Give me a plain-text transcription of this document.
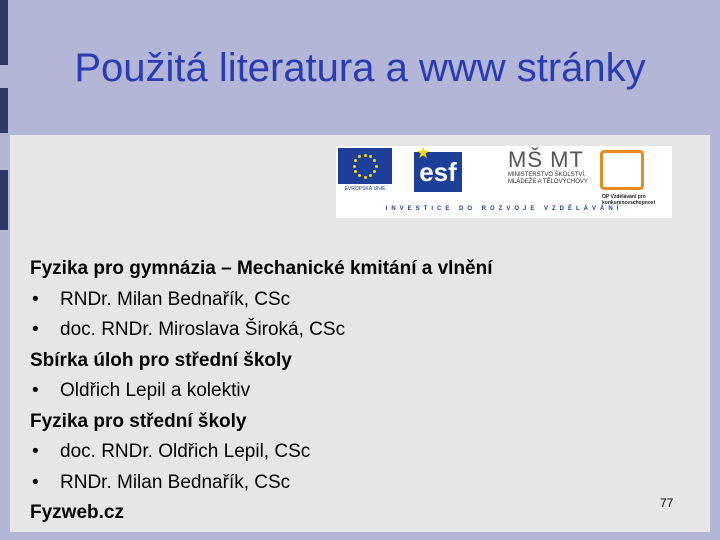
Použitá literatura a www stránky
EVROPSKÁ UNIE
esf
★	MŠ MT
MINISTERSTVO ŠKOLSTVÍ, MLÁDEŽE A TĚLOVÝCHOVY
OP Vzdělávání pro konkurenceschopnost
INVESTICE DO ROZVOJE VZDĚLÁVÁNÍ
Fyzika pro gymnázia – Mechanické kmitání a vlnění
• RNDr. Milan Bednařík, CSc
• doc. RNDr. Miroslava Široká, CSc
Sbírka úloh pro střední školy
• Oldřich Lepil a kolektiv
Fyzika pro střední školy
• doc. RNDr. Oldřich Lepil, CSc
• RNDr. Milan Bednařík, CSc
Fyzweb.cz	77
